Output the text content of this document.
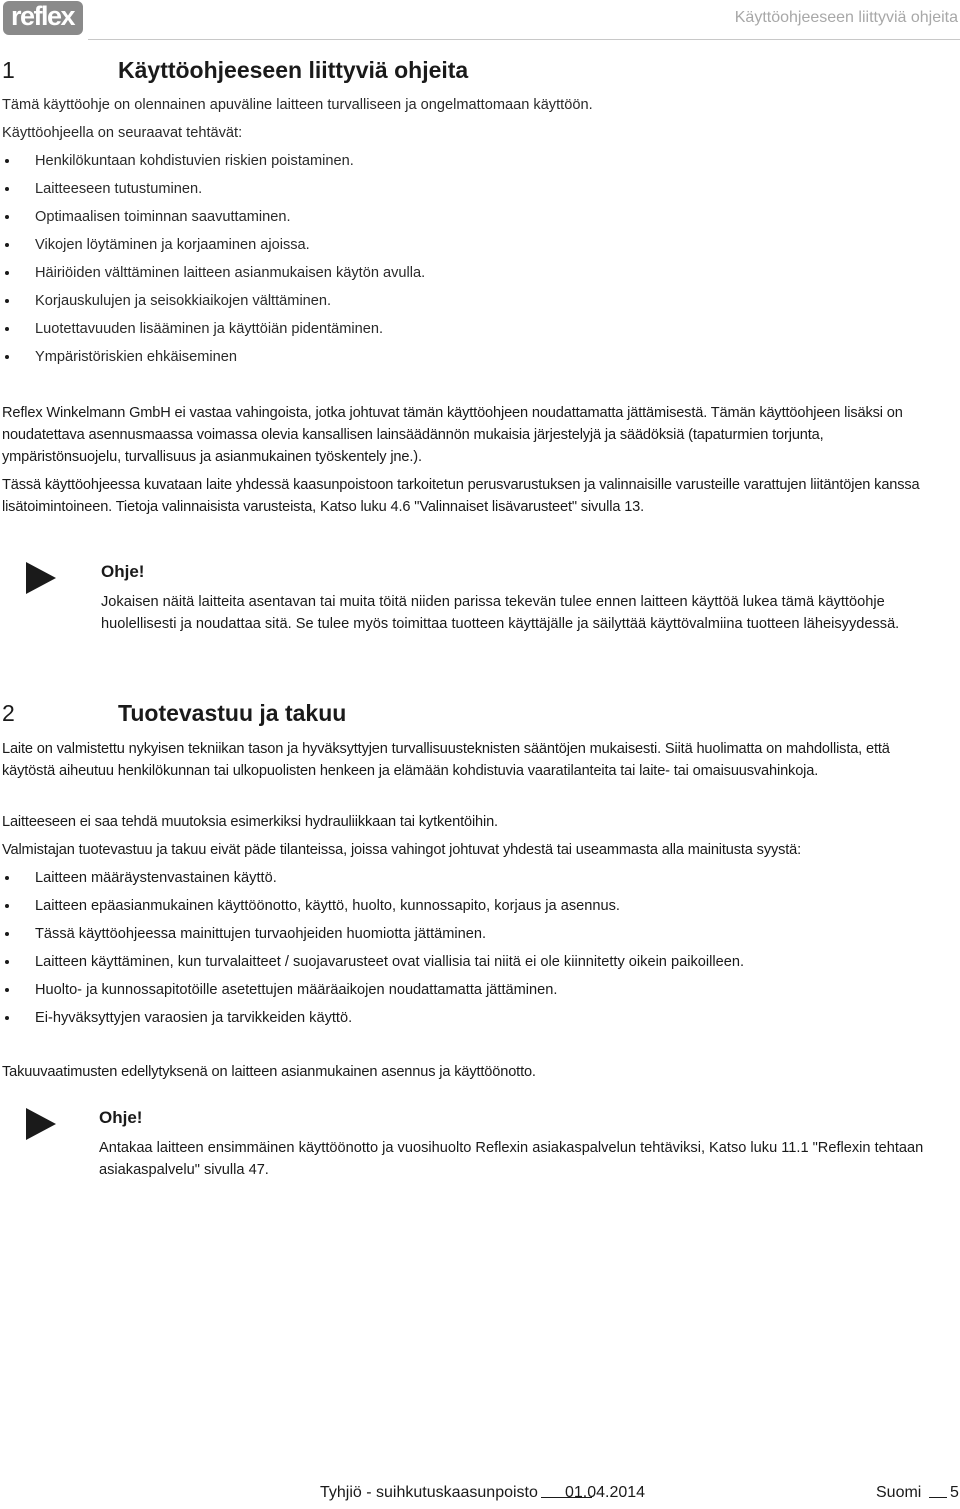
reflex	Käyttöohjeeseen liittyviä ohjeita
1	Käyttöohjeeseen liittyviä ohjeita
Tämä käyttöohje on olennainen apuväline laitteen turvalliseen ja ongelmattomaan käyttöön.
Käyttöohjeella on seuraavat tehtävät:
Henkilökuntaan kohdistuvien riskien poistaminen.
Laitteeseen tutustuminen.
Optimaalisen toiminnan saavuttaminen.
Vikojen löytäminen ja korjaaminen ajoissa.
Häiriöiden välttäminen laitteen asianmukaisen käytön avulla.
Korjauskulujen ja seisokkiaikojen välttäminen.
Luotettavuuden lisääminen ja käyttöiän pidentäminen.
Ympäristöriskien ehkäiseminen
Reflex Winkelmann GmbH ei vastaa vahingoista, jotka johtuvat tämän käyttöohjeen noudattamatta jättämisestä. Tämän käyttöohjeen lisäksi on noudatettava asennusmaassa voimassa olevia kansallisen lainsäädännön mukaisia järjestelyjä ja säädöksiä (tapaturmien torjunta, ympäristönsuojelu, turvallisuus ja asianmukainen työskentely jne.).
Tässä käyttöohjeessa kuvataan laite yhdessä kaasunpoistoon tarkoitetun perusvarustuksen ja valinnaisille varusteille varattujen liitäntöjen kanssa lisätoimintoineen. Tietoja valinnaisista varusteista, Katso luku 4.6 "Valinnaiset lisävarusteet" sivulla 13.
Ohje!
Jokaisen näitä laitteita asentavan tai muita töitä niiden parissa tekevän tulee ennen laitteen käyttöä lukea tämä käyttöohje huolellisesti ja noudattaa sitä. Se tulee myös toimittaa tuotteen käyttäjälle ja säilyttää käyttövalmiina tuotteen läheisyydessä.
2	Tuotevastuu ja takuu
Laite on valmistettu nykyisen tekniikan tason ja hyväksyttyjen turvallisuusteknisten sääntöjen mukaisesti. Siitä huolimatta on mahdollista, että käytöstä aiheutuu henkilökunnan tai ulkopuolisten henkeen ja elämään kohdistuvia vaaratilanteita tai laite- tai omaisuusvahinkoja.
Laitteeseen ei saa tehdä muutoksia esimerkiksi hydrauliikkaan tai kytkentöihin.
Valmistajan tuotevastuu ja takuu eivät päde tilanteissa, joissa vahingot johtuvat yhdestä tai useammasta alla mainitusta syystä:
Laitteen määräystenvastainen käyttö.
Laitteen epäasianmukainen käyttöönotto, käyttö, huolto, kunnossapito, korjaus ja asennus.
Tässä käyttöohjeessa mainittujen turvaohjeiden huomiotta jättäminen.
Laitteen käyttäminen, kun turvalaitteet / suojavarusteet ovat viallisia tai niitä ei ole kiinnitetty oikein paikoilleen.
Huolto- ja kunnossapitotöille asetettujen määräaikojen noudattamatta jättäminen.
Ei-hyväksyttyjen varaosien ja tarvikkeiden käyttö.
Takuuvaatimusten edellytyksenä on laitteen asianmukainen asennus ja käyttöönotto.
Ohje!
Antakaa laitteen ensimmäinen käyttöönotto ja vuosihuolto Reflexin asiakaspalvelun tehtäviksi, Katso luku 11.1 "Reflexin tehtaan asiakaspalvelu" sivulla 47.
Tyhjiö - suihkutuskaasunpoisto 01.04.2014	Suomi 5
